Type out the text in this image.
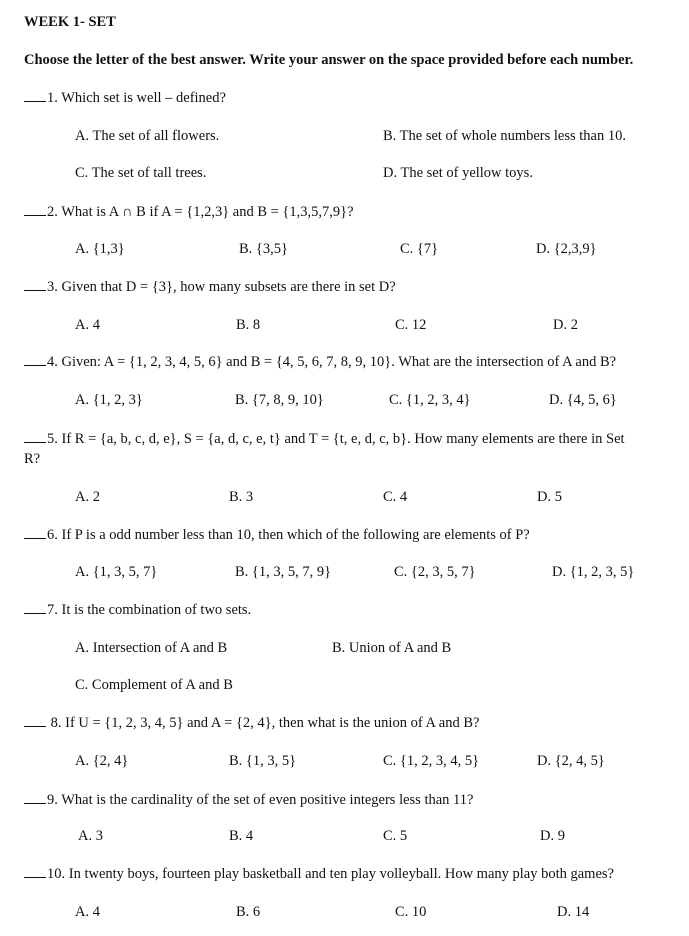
WEEK 1- SET
Choose the letter of the best answer. Write your answer on the space provided before each number.
1. Which set is well – defined?
A. The set of all flowers.	B. The set of whole numbers less than 10.
C. The set of tall trees.	D. The set of yellow toys.
2. What is A ∩ B if A = {1,2,3} and B = {1,3,5,7,9}?
A. {1,3}	B. {3,5}	C. {7}	D. {2,3,9}
3. Given that D = {3}, how many subsets are there in set D?
A. 4	B. 8	C. 12	D. 2
4. Given: A = {1, 2, 3, 4, 5, 6} and B = {4, 5, 6, 7, 8, 9, 10}. What are the intersection of A and B?
A. {1, 2, 3}	B. {7, 8, 9, 10}	C. {1, 2, 3, 4}	D. {4, 5, 6}
5. If R = {a, b, c, d, e}, S = {a, d, c, e, t} and T = {t, e, d, c, b}. How many elements are there in Set
R?
A. 2	B. 3	C. 4	D. 5
6. If P is a odd number less than 10, then which of the following are elements of P?
A. {1, 3, 5, 7}	B. {1, 3, 5, 7, 9}	C. {2, 3, 5, 7}	D. {1, 2, 3, 5}
7. It is the combination of two sets.
A. Intersection of A and B	B. Union of A and B
C. Complement of A and B
8. If U = {1, 2, 3, 4, 5} and A = {2, 4}, then what is the union of A and B?
A. {2, 4}	B. {1, 3, 5}	C. {1, 2, 3, 4, 5}	D. {2, 4, 5}
9. What is the cardinality of the set of even positive integers less than 11?
A. 3	B. 4	C. 5	D. 9
10. In twenty boys, fourteen play basketball and ten play volleyball. How many play both games?
A. 4	B. 6	C. 10	D. 14
